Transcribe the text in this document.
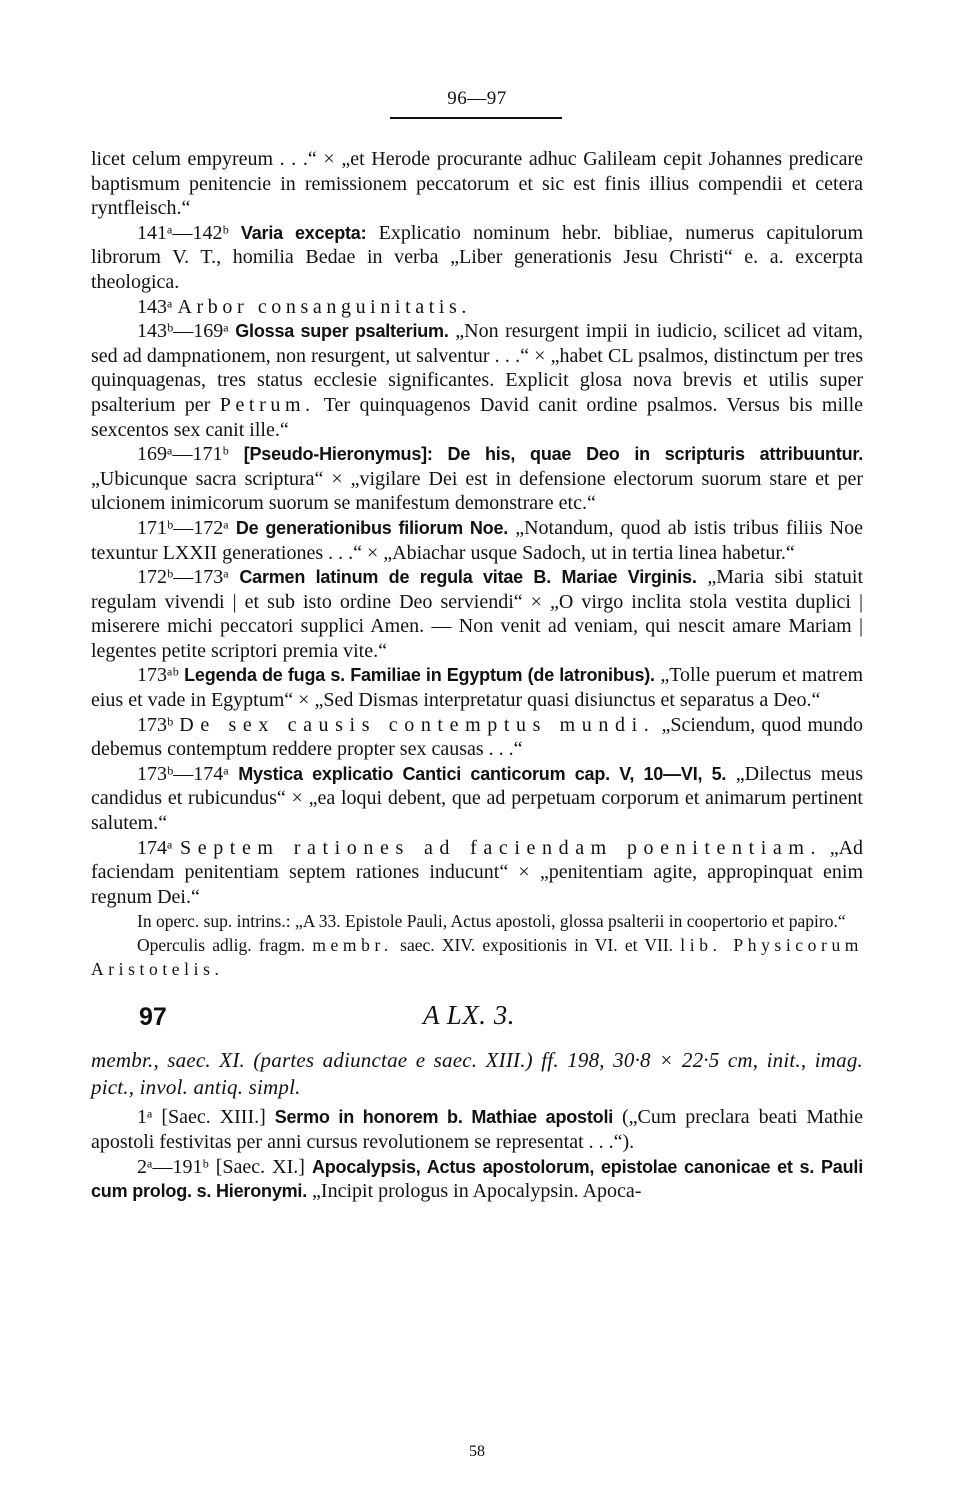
96—97

licet celum empyreum . . .“ × „et Herode procurante adhuc Galileam cepit Johannes predicare baptismum penitencie in remissionem peccatorum et sic est finis illius compendii et cetera ryntfleisch.“

141ᵃ—142ᵇ Varia excepta: Explicatio nominum hebr. bibliae, numerus capitulorum librorum V. T., homilia Bedae in verba „Liber generationis Jesu Christi“ e. a. excerpta theologica.

143ᵃ Arbor consanguinitatis.

143ᵇ—169ᵃ Glossa super psalterium. „Non resurgent impii in iudicio, scilicet ad vitam, sed ad dampnationem, non resurgent, ut salventur . . .“ × „habet CL psalmos, distinctum per tres quinquagenas, tres status ecclesie significantes. Explicit glosa nova brevis et utilis super psalterium per Petrum. Ter quinquagenos David canit ordine psalmos. Versus bis mille sexcentos sex canit ille.“

169ᵃ—171ᵇ [Pseudo-Hieronymus]: De his, quae Deo in scripturis attribuuntur. „Ubicunque sacra scriptura“ × „vigilare Dei est in defensione electorum suorum stare et per ulcionem inimicorum suorum se manifestum demonstrare etc.“

171ᵇ—172ᵃ De generationibus filiorum Noe. „Notandum, quod ab istis tribus filiis Noe texuntur LXXII generationes . . .“ × „Abiachar usque Sadoch, ut in tertia linea habetur.“

172ᵇ—173ᵃ Carmen latinum de regula vitae B. Mariae Virginis. „Maria sibi statuit regulam vivendi | et sub isto ordine Deo serviendi“ × „O virgo inclita stola vestita duplici | miserere michi peccatori supplici Amen. — Non venit ad veniam, qui nescit amare Mariam | legentes petite scriptori premia vite.“

173ᵃᵇ Legenda de fuga s. Familiae in Egyptum (de latronibus). „Tolle puerum et matrem eius et vade in Egyptum“ × „Sed Dismas interpretatur quasi disiunctus et separatus a Deo.“

173ᵇ De sex causis contemptus mundi. „Sciendum, quod mundo debemus contemptum reddere propter sex causas . . .“

173ᵇ—174ᵃ Mystica explicatio Cantici canticorum cap. V, 10—VI, 5. „Dilectus meus candidus et rubicundus“ × „ea loqui debent, que ad perpetuam corporum et animarum pertinent salutem.“

174ᵃ Septem rationes ad faciendam poenitentiam. „Ad faciendam penitentiam septem rationes inducunt“ × „penitentiam agite, appropinquat enim regnum Dei.“

In operc. sup. intrins.: „A 33. Epistole Pauli, Actus apostoli, glossa psalterii in coopertorio et papiro.“

Operculis adlig. fragm. membr. saec. XIV. expositionis in VI. et VII. lib. Physicorum Aristotelis.

97	A LX. 3.

membr., saec. XI. (partes adiunctae e saec. XIII.) ff. 198, 30·8 × 22·5 cm, init., imag. pict., invol. antiq. simpl.

1ᵃ [Saec. XIII.] Sermo in honorem b. Mathiae apostoli („Cum preclara beati Mathie apostoli festivitas per anni cursus revolutionem se representat . . .“).

2ᵃ—191ᵇ [Saec. XI.] Apocalypsis, Actus apostolorum, epistolae canonicae et s. Pauli cum prolog. s. Hieronymi. „Incipit prologus in Apocalypsin. Apoca-

58
